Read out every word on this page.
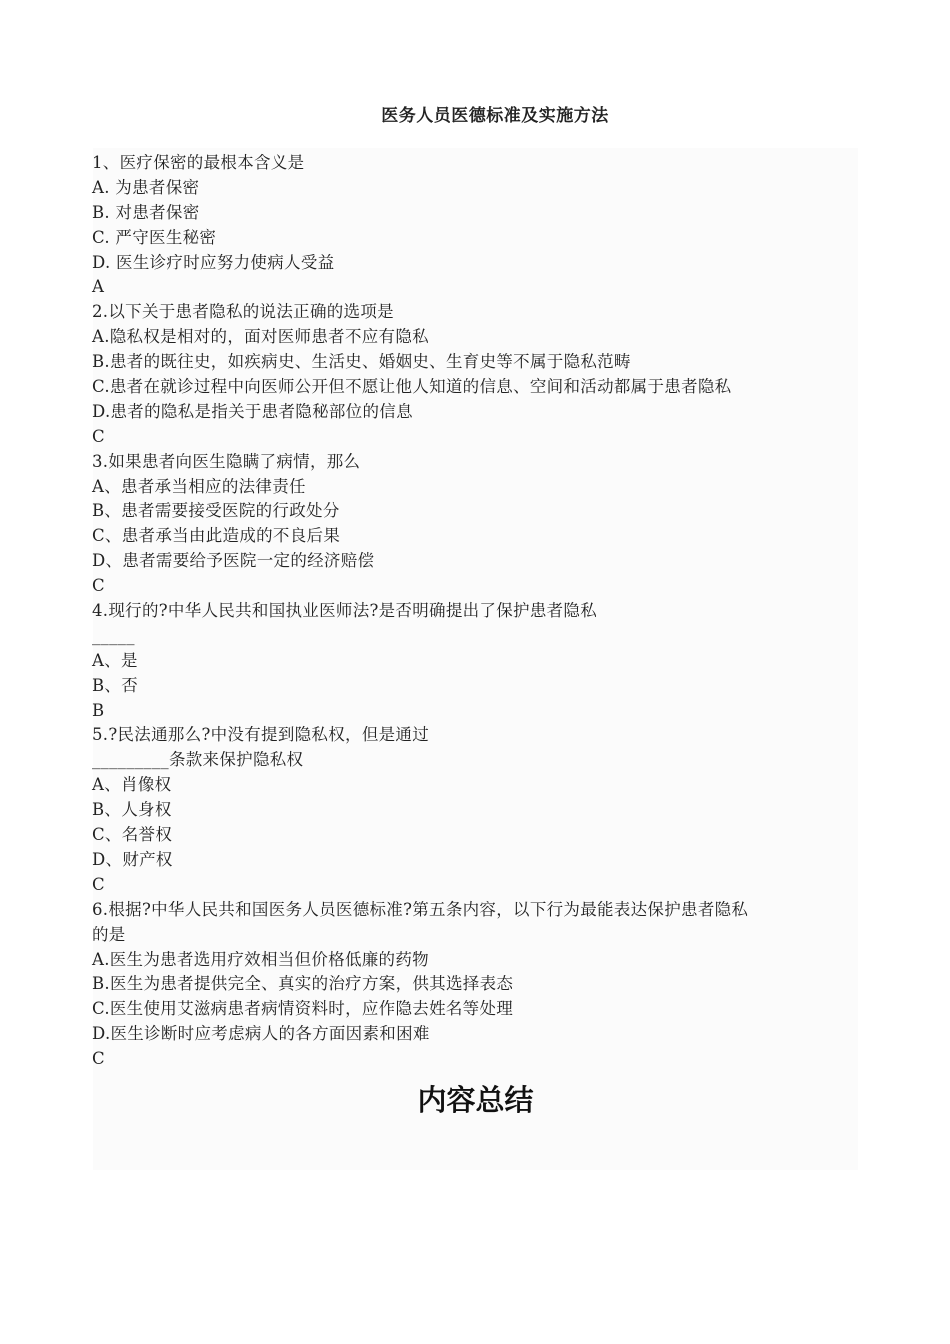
医务人员医德标准及实施方法
1、医疗保密的最根本含义是
A. 为患者保密
B. 对患者保密
C. 严守医生秘密
D. 医生诊疗时应努力使病人受益
A
2.以下关于患者隐私的说法正确的选项是
A.隐私权是相对的，面对医师患者不应有隐私
B.患者的既往史，如疾病史、生活史、婚姻史、生育史等不属于隐私范畴
C.患者在就诊过程中向医师公开但不愿让他人知道的信息、空间和活动都属于患者隐私
D.患者的隐私是指关于患者隐秘部位的信息
C
3.如果患者向医生隐瞒了病情，那么
A、患者承当相应的法律责任
B、患者需要接受医院的行政处分
C、患者承当由此造成的不良后果
D、患者需要给予医院一定的经济赔偿
C
4.现行的?中华人民共和国执业医师法?是否明确提出了保护患者隐私
_____
A、是
B、否
B
5.?民法通那么?中没有提到隐私权，但是通过
_________条款来保护隐私权
A、肖像权
B、人身权
C、名誉权
D、财产权
C
6.根据?中华人民共和国医务人员医德标准?第五条内容，以下行为最能表达保护患者隐私
的是
A.医生为患者选用疗效相当但价格低廉的药物
B.医生为患者提供完全、真实的治疗方案，供其选择表态
C.医生使用艾滋病患者病情资料时，应作隐去姓名等处理
D.医生诊断时应考虑病人的各方面因素和困难
C
内容总结
